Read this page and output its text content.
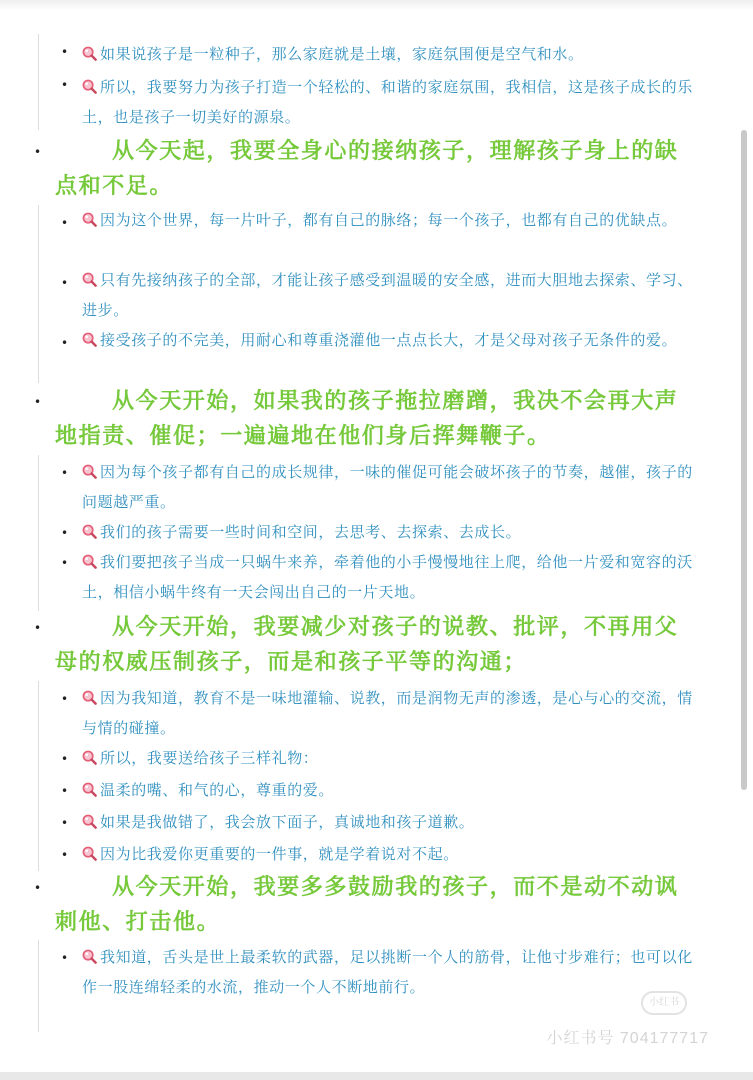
•	如果说孩子是一粒种子，那么家庭就是土壤，家庭氛围便是空气和水。
•	所以，我要努力为孩子打造一个轻松的、和谐的家庭氛围，我相信，这是孩子成长的乐土，也是孩子一切美好的源泉。
•	从今天起，我要全身心的接纳孩子，理解孩子身上的缺点和不足。
•	因为这个世界，每一片叶子，都有自己的脉络；每一个孩子，也都有自己的优缺点。
•	只有先接纳孩子的全部，才能让孩子感受到温暖的安全感，进而大胆地去探索、学习、进步。
•	接受孩子的不完美，用耐心和尊重浇灌他一点点长大，才是父母对孩子无条件的爱。
•	从今天开始，如果我的孩子拖拉磨蹭，我决不会再大声地指责、催促；一遍遍地在他们身后挥舞鞭子。
•	因为每个孩子都有自己的成长规律，一味的催促可能会破坏孩子的节奏，越催，孩子的问题越严重。
•	我们的孩子需要一些时间和空间，去思考、去探索、去成长。
•	我们要把孩子当成一只蜗牛来养，牵着他的小手慢慢地往上爬，给他一片爱和宽容的沃土，相信小蜗牛终有一天会闯出自己的一片天地。
•	从今天开始，我要减少对孩子的说教、批评，不再用父母的权威压制孩子，而是和孩子平等的沟通；
•	因为我知道，教育不是一味地灌输、说教，而是润物无声的渗透，是心与心的交流，情与情的碰撞。
•	所以，我要送给孩子三样礼物：
•	温柔的嘴、和气的心，尊重的爱。
•	如果是我做错了，我会放下面子，真诚地和孩子道歉。
•	因为比我爱你更重要的一件事，就是学着说对不起。
•	从今天开始，我要多多鼓励我的孩子，而不是动不动讽刺他、打击他。
•	我知道，舌头是世上最柔软的武器，足以挑断一个人的筋骨，让他寸步难行；也可以化作一股连绵轻柔的水流，推动一个人不断地前行。
小红书
小红书号 704177717
